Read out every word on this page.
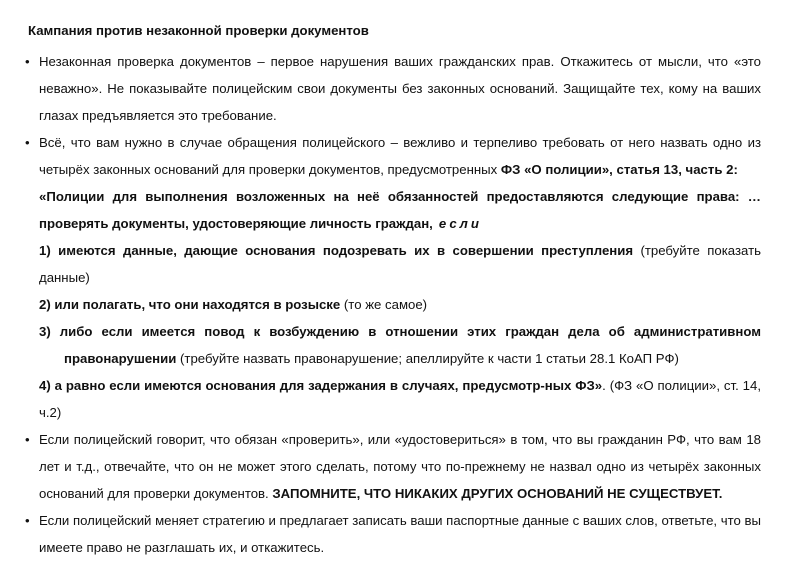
Кампания против незаконной проверки документов
• Незаконная проверка документов – первое нарушения ваших гражданских прав. Откажитесь от мысли, что «это неважно». Не показывайте полицейским свои документы без законных оснований. Защищайте тех, кому на ваших глазах предъявляется это требование.
• Всё, что вам нужно в случае обращения полицейского – вежливо и терпеливо требовать от него назвать одно из четырёх законных оснований для проверки документов, предусмотренных ФЗ «О полиции», статья 13, часть 2:
«Полиции для выполнения возложенных на неё обязанностей предоставляются следующие права: … проверять документы, удостоверяющие личность граждан, если
1) имеются данные, дающие основания подозревать их в совершении преступления (требуйте показать данные)
2) или полагать, что они находятся в розыске (то же самое)
3) либо если имеется повод к возбуждению в отношении этих граждан дела об административном правонарушении (требуйте назвать правонарушение; апеллируйте к части 1 статьи 28.1 КоАП РФ)
4) а равно если имеются основания для задержания в случаях, предусмотр-ных ФЗ». (ФЗ «О полиции», ст. 14, ч.2)
• Если полицейский говорит, что обязан «проверить», или «удостовериться» в том, что вы гражданин РФ, что вам 18 лет и т.д., отвечайте, что он не может этого сделать, потому что по-прежнему не назвал одно из четырёх законных оснований для проверки документов. ЗАПОМНИТЕ, ЧТО НИКАКИХ ДРУГИХ ОСНОВАНИЙ НЕ СУЩЕСТВУЕТ.
• Если полицейский меняет стратегию и предлагает записать ваши паспортные данные с ваших слов, ответьте, что вы имеете право не разглашать их, и откажитесь.
